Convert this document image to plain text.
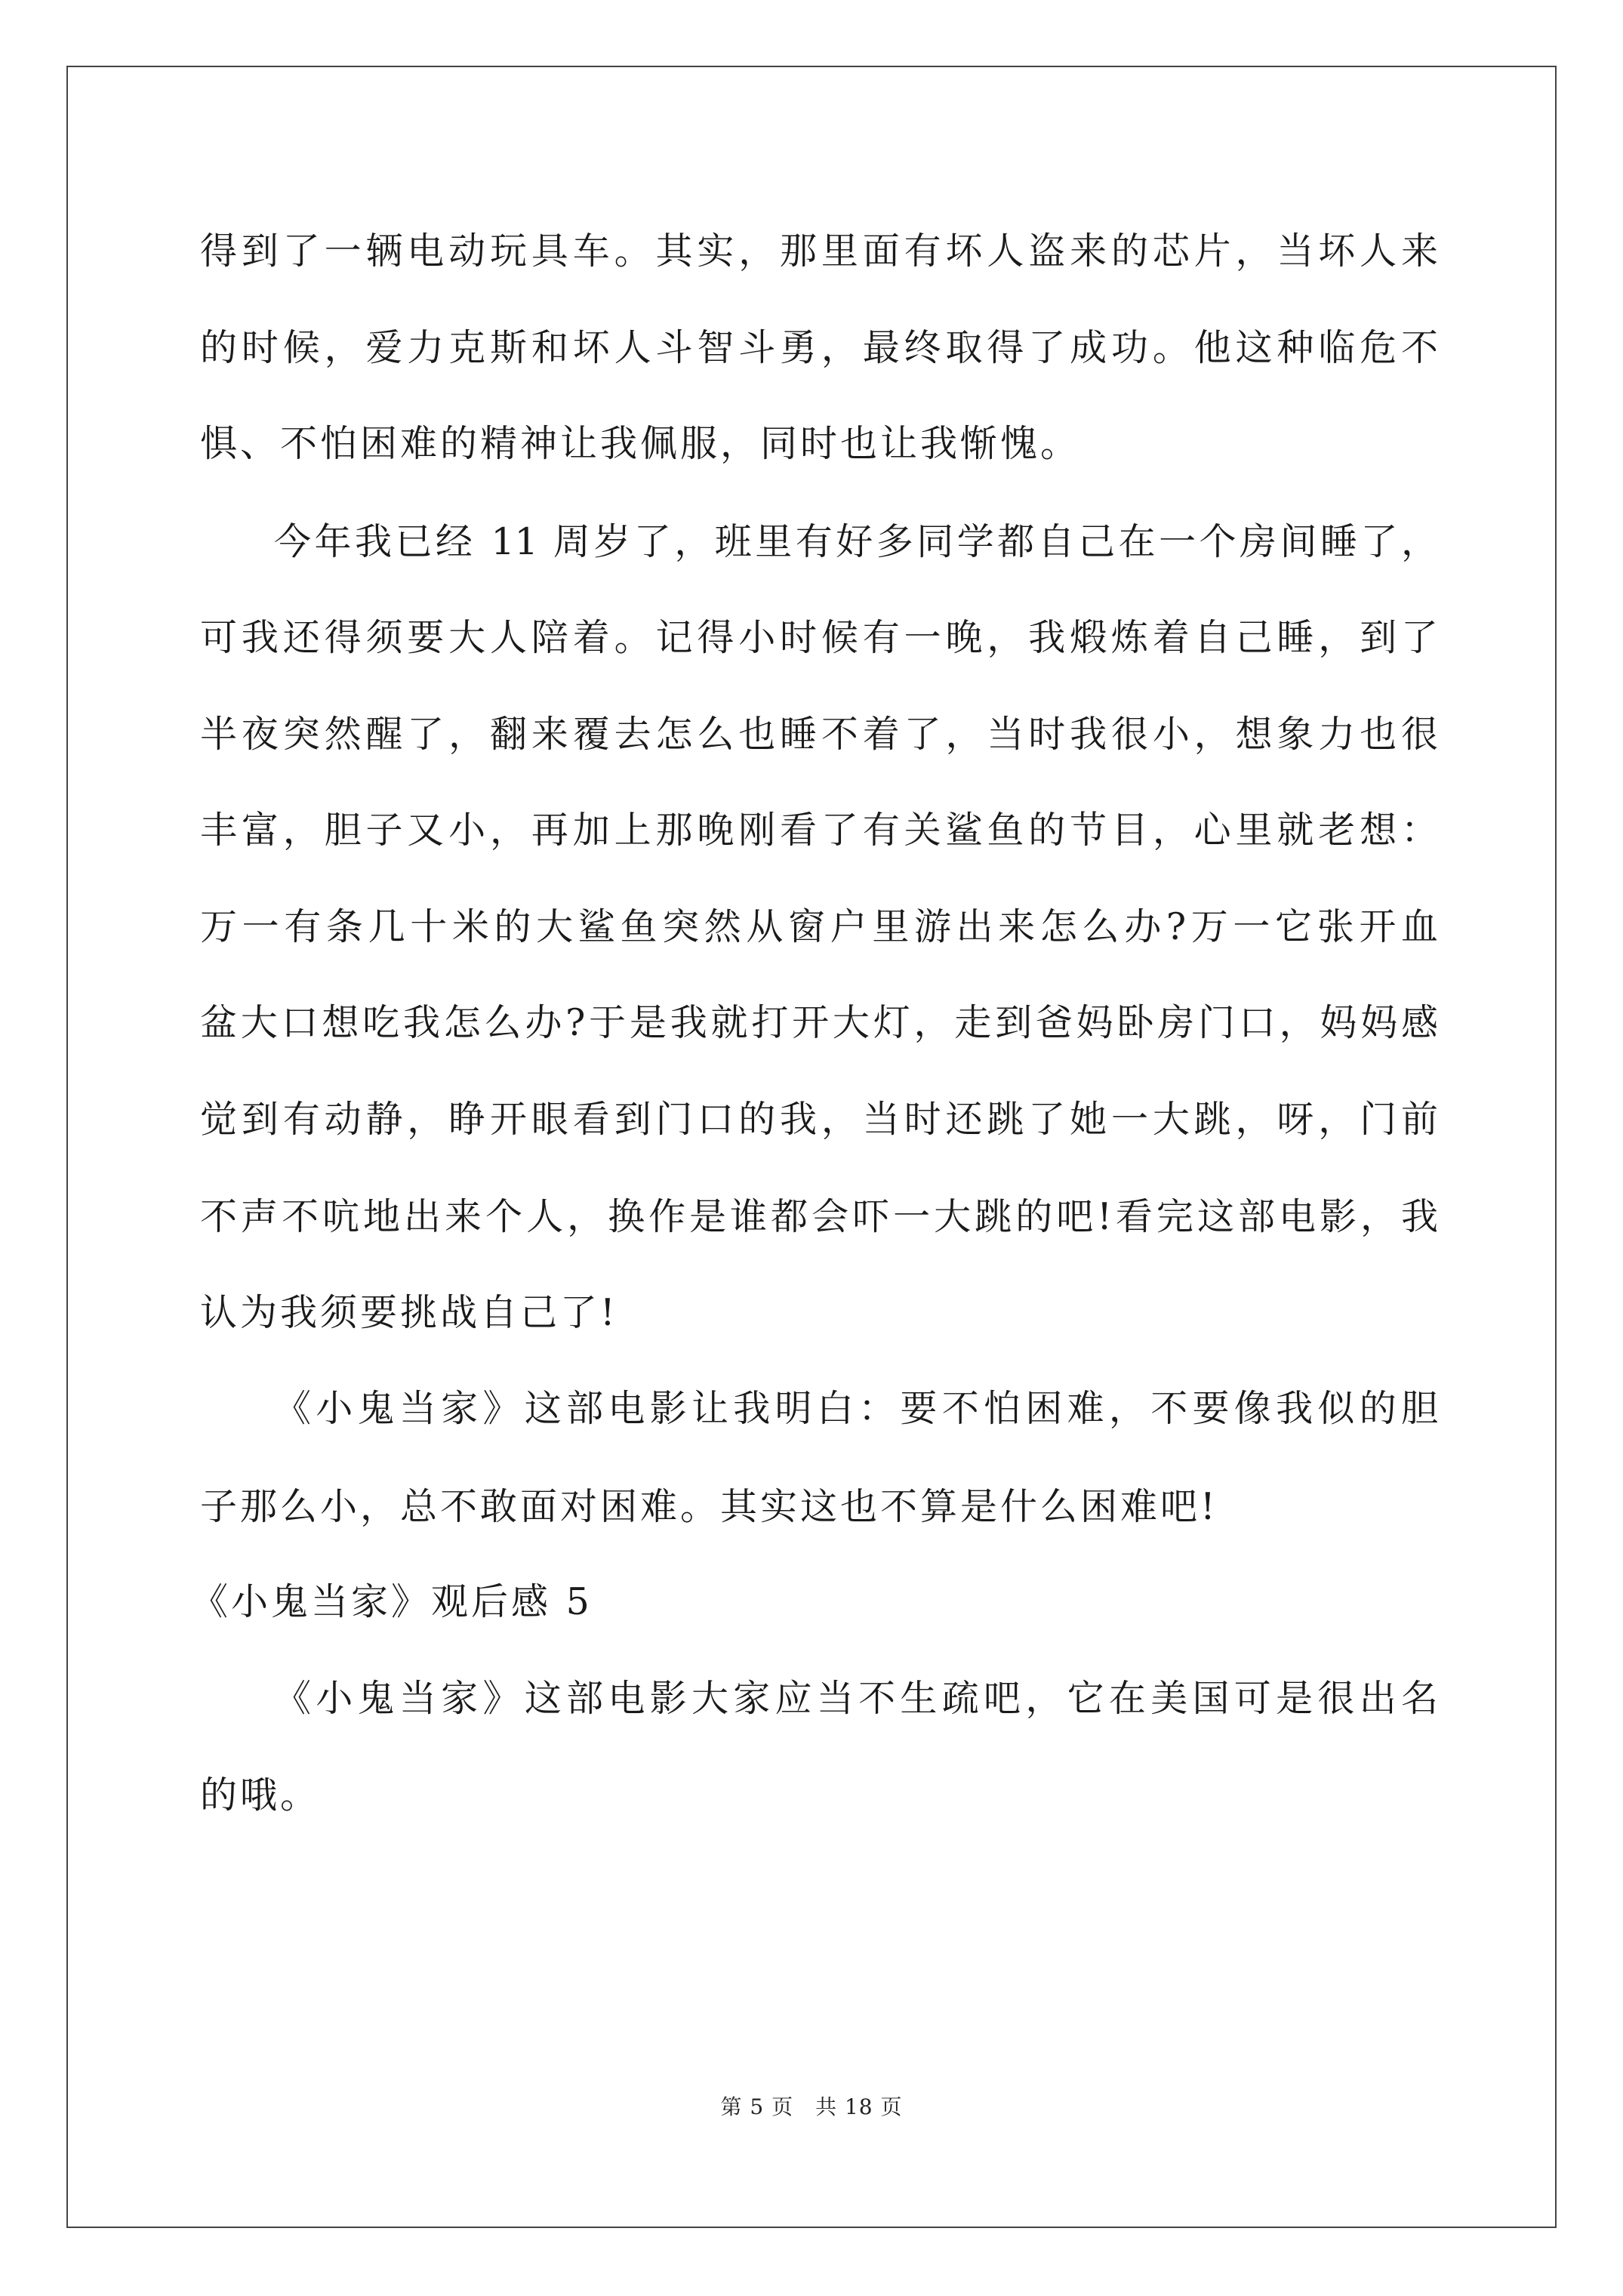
得到了一辆电动玩具车。其实，那里面有坏人盗来的芯片，当坏人来
的时候，爱力克斯和坏人斗智斗勇，最终取得了成功。他这种临危不
惧、不怕困难的精神让我佩服，同时也让我惭愧。
今年我已经 11 周岁了，班里有好多同学都自己在一个房间睡了，
可我还得须要大人陪着。记得小时候有一晚，我煅炼着自己睡，到了
半夜突然醒了，翻来覆去怎么也睡不着了，当时我很小，想象力也很
丰富，胆子又小，再加上那晚刚看了有关鲨鱼的节目，心里就老想：
万一有条几十米的大鲨鱼突然从窗户里游出来怎么办?万一它张开血
盆大口想吃我怎么办?于是我就打开大灯，走到爸妈卧房门口，妈妈感
觉到有动静，睁开眼看到门口的我，当时还跳了她一大跳，呀，门前
不声不吭地出来个人，换作是谁都会吓一大跳的吧!看完这部电影，我
认为我须要挑战自己了!
《小鬼当家》这部电影让我明白：要不怕困难，不要像我似的胆
子那么小，总不敢面对困难。其实这也不算是什么困难吧!
《小鬼当家》观后感 5
《小鬼当家》这部电影大家应当不生疏吧，它在美国可是很出名
的哦。
第 5 页　共 18 页
